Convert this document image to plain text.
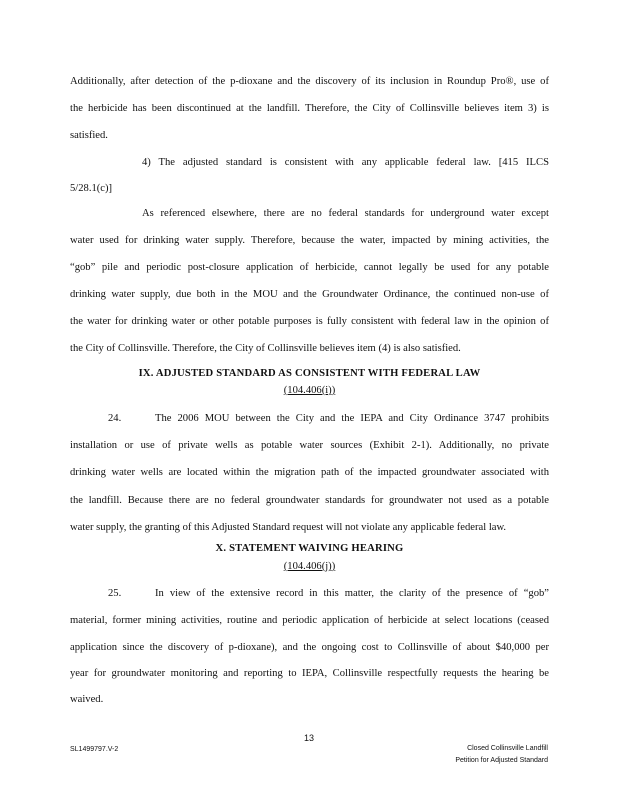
Additionally, after detection of the p-dioxane and the discovery of its inclusion in Roundup Pro®, use of
the herbicide has been discontinued at the landfill. Therefore, the City of Collinsville believes item 3) is
satisfied.
4) The adjusted standard is consistent with any applicable federal law. [415 ILCS
5/28.1(c)]
As referenced elsewhere, there are no federal standards for underground water except
water used for drinking water supply. Therefore, because the water, impacted by mining activities, the
“gob” pile and periodic post-closure application of herbicide, cannot legally be used for any potable
drinking water supply, due both in the MOU and the Groundwater Ordinance, the continued non-use of
the water for drinking water or other potable purposes is fully consistent with federal law in the opinion of
the City of Collinsville. Therefore, the City of Collinsville believes item (4) is also satisfied.
IX. ADJUSTED STANDARD AS CONSISTENT WITH FEDERAL LAW
(104.406(i))
24.	The 2006 MOU between the City and the IEPA and City Ordinance 3747 prohibits
installation or use of private wells as potable water sources (Exhibit 2-1). Additionally, no private
drinking water wells are located within the migration path of the impacted groundwater associated with
the landfill. Because there are no federal groundwater standards for groundwater not used as a potable
water supply, the granting of this Adjusted Standard request will not violate any applicable federal law.
X. STATEMENT WAIVING HEARING
(104.406(j))
25.	In view of the extensive record in this matter, the clarity of the presence of “gob”
material, former mining activities, routine and periodic application of herbicide at select locations (ceased
application since the discovery of p-dioxane), and the ongoing cost to Collinsville of about $40,000 per
year for groundwater monitoring and reporting to IEPA, Collinsville respectfully requests the hearing be
waived.
13
SL1499797.V-2	Closed Collinsville Landfill
Petition for Adjusted Standard
